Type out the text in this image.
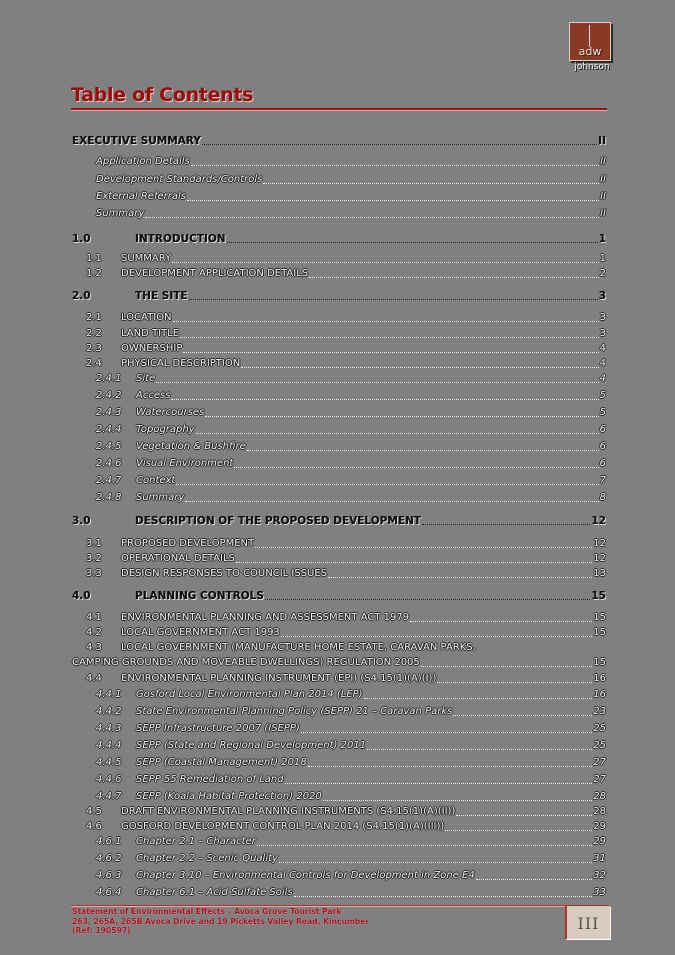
adw
johnson
Table of Contents
EXECUTIVE SUMMARY	II
Application Details	II
Development Standards/Controls	II
External Referrals	II
Summary	II
1.0	INTRODUCTION	1
1.1	SUMMARY	1
1.2	DEVELOPMENT APPLICATION DETAILS	2
2.0	THE SITE	3
2.1	LOCATION	3
2.2	LAND TITLE	3
2.3	OWNERSHIP	4
2.4	PHYSICAL DESCRIPTION	4
2.4.1	Site	4
2.4.2	Access	5
2.4.3	Watercourses	5
2.4.4	Topography	6
2.4.5	Vegetation & Bushfire	6
2.4.6	Visual Environment	6
2.4.7	Context	7
2.4.8	Summary	8
3.0	DESCRIPTION OF THE PROPOSED DEVELOPMENT	12
3.1	PROPOSED DEVELOPMENT	12
3.2	OPERATIONAL DETAILS	12
3.3	DESIGN RESPONSES TO COUNCIL ISSUES	13
4.0	PLANNING CONTROLS	15
4.1	ENVIRONMENTAL PLANNING AND ASSESSMENT ACT 1979	15
4.2	LOCAL GOVERNMENT ACT 1993	15
4.3	LOCAL GOVERNMENT (MANUFACTURE HOME ESTATE, CARAVAN PARKS,
CAMPING GROUNDS AND MOVEABLE DWELLINGS) REGULATION 2005	15
4.4	ENVIRONMENTAL PLANNING INSTRUMENT (EPI) (S4.15(1)(A)(I))	16
4.4.1	Gosford Local Environmental Plan 2014 (LEP)	16
4.4.2	State Environmental Planning Policy (SEPP) 21 – Caravan Parks	23
4.4.3	SEPP Infrastructure 2007 (ISEPP)	25
4.4.4	SEPP (State and Regional Development) 2011	25
4.4.5	SEPP (Coastal Management) 2018	27
4.4.6	SEPP 55 Remediation of Land	27
4.4.7	SEPP (Koala Habitat Protection) 2020	28
4.5	DRAFT ENVIRONMENTAL PLANNING INSTRUMENTS (S4.15(1)(A)(II))	28
4.6	GOSFORD DEVELOPMENT CONTROL PLAN 2014 (S4.15(1)(A)(III))	29
4.6.1	Chapter 2.1 – Character	29
4.6.2	Chapter 2.2 – Scenic Quality	31
4.6.3	Chapter 3.10 – Environmental Controls for Development in Zone E4	32
4.6.4	Chapter 6.1 – Acid Sulfate Soils	33
Statement of Environmental Effects – Avoca Grove Tourist Park
263, 265A, 265B Avoca Drive and 19 Picketts Valley Road, Kincumber
(Ref: 190597)	III
